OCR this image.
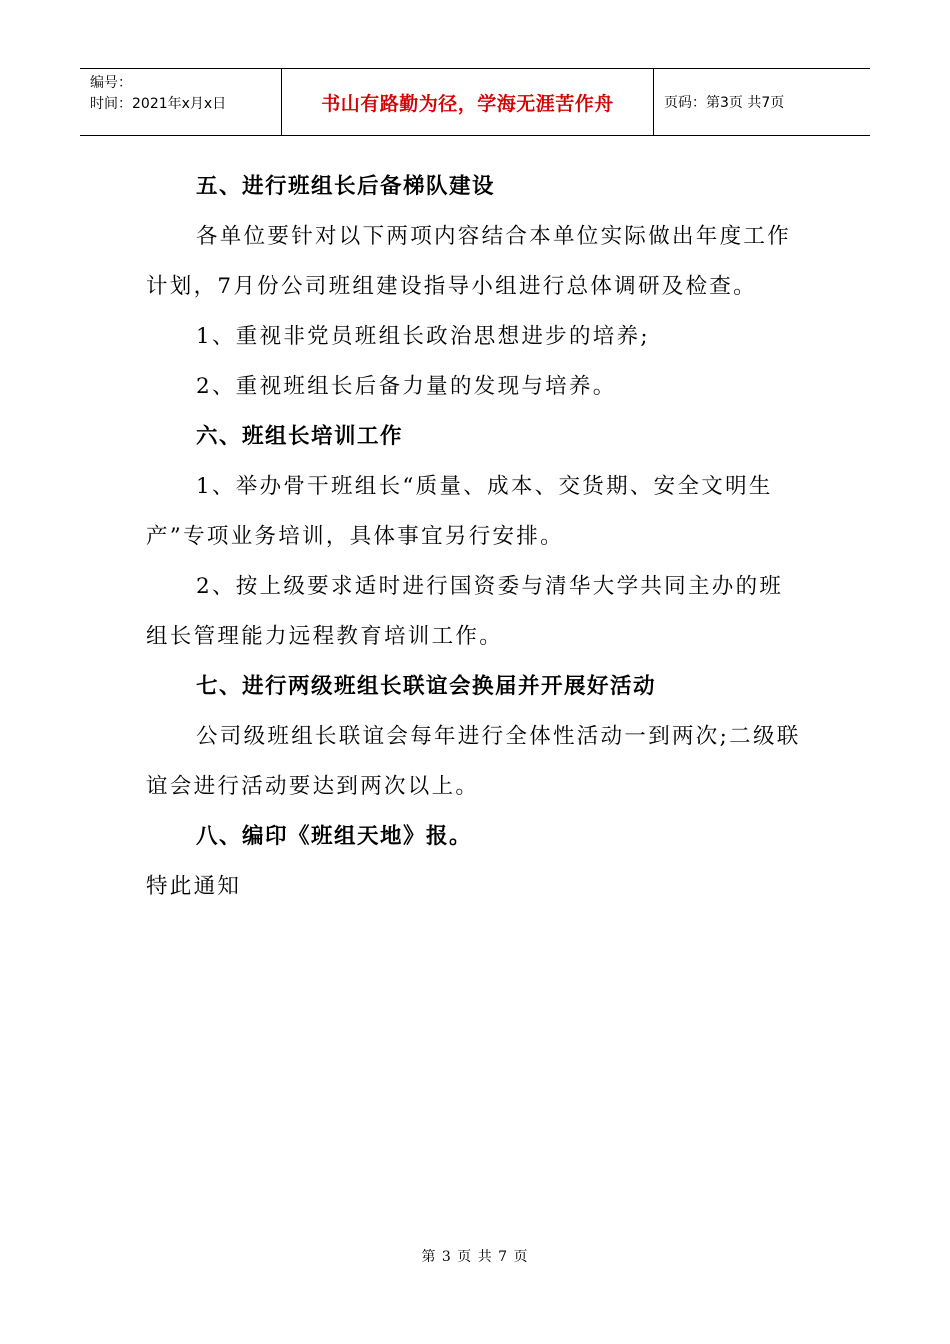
编号：
时间：2021年x月x日	书山有路勤为径，学海无涯苦作舟	页码：第3页 共7页

五、进行班组长后备梯队建设

各单位要针对以下两项内容结合本单位实际做出年度工作计划，7月份公司班组建设指导小组进行总体调研及检查。

1、重视非党员班组长政治思想进步的培养;

2、重视班组长后备力量的发现与培养。

六、班组长培训工作

1、举办骨干班组长“质量、成本、交货期、安全文明生产”专项业务培训，具体事宜另行安排。

2、按上级要求适时进行国资委与清华大学共同主办的班组长管理能力远程教育培训工作。

七、进行两级班组长联谊会换届并开展好活动

公司级班组长联谊会每年进行全体性活动一到两次;二级联谊会进行活动要达到两次以上。

八、编印《班组天地》报。

特此通知

第 3 页 共 7 页
